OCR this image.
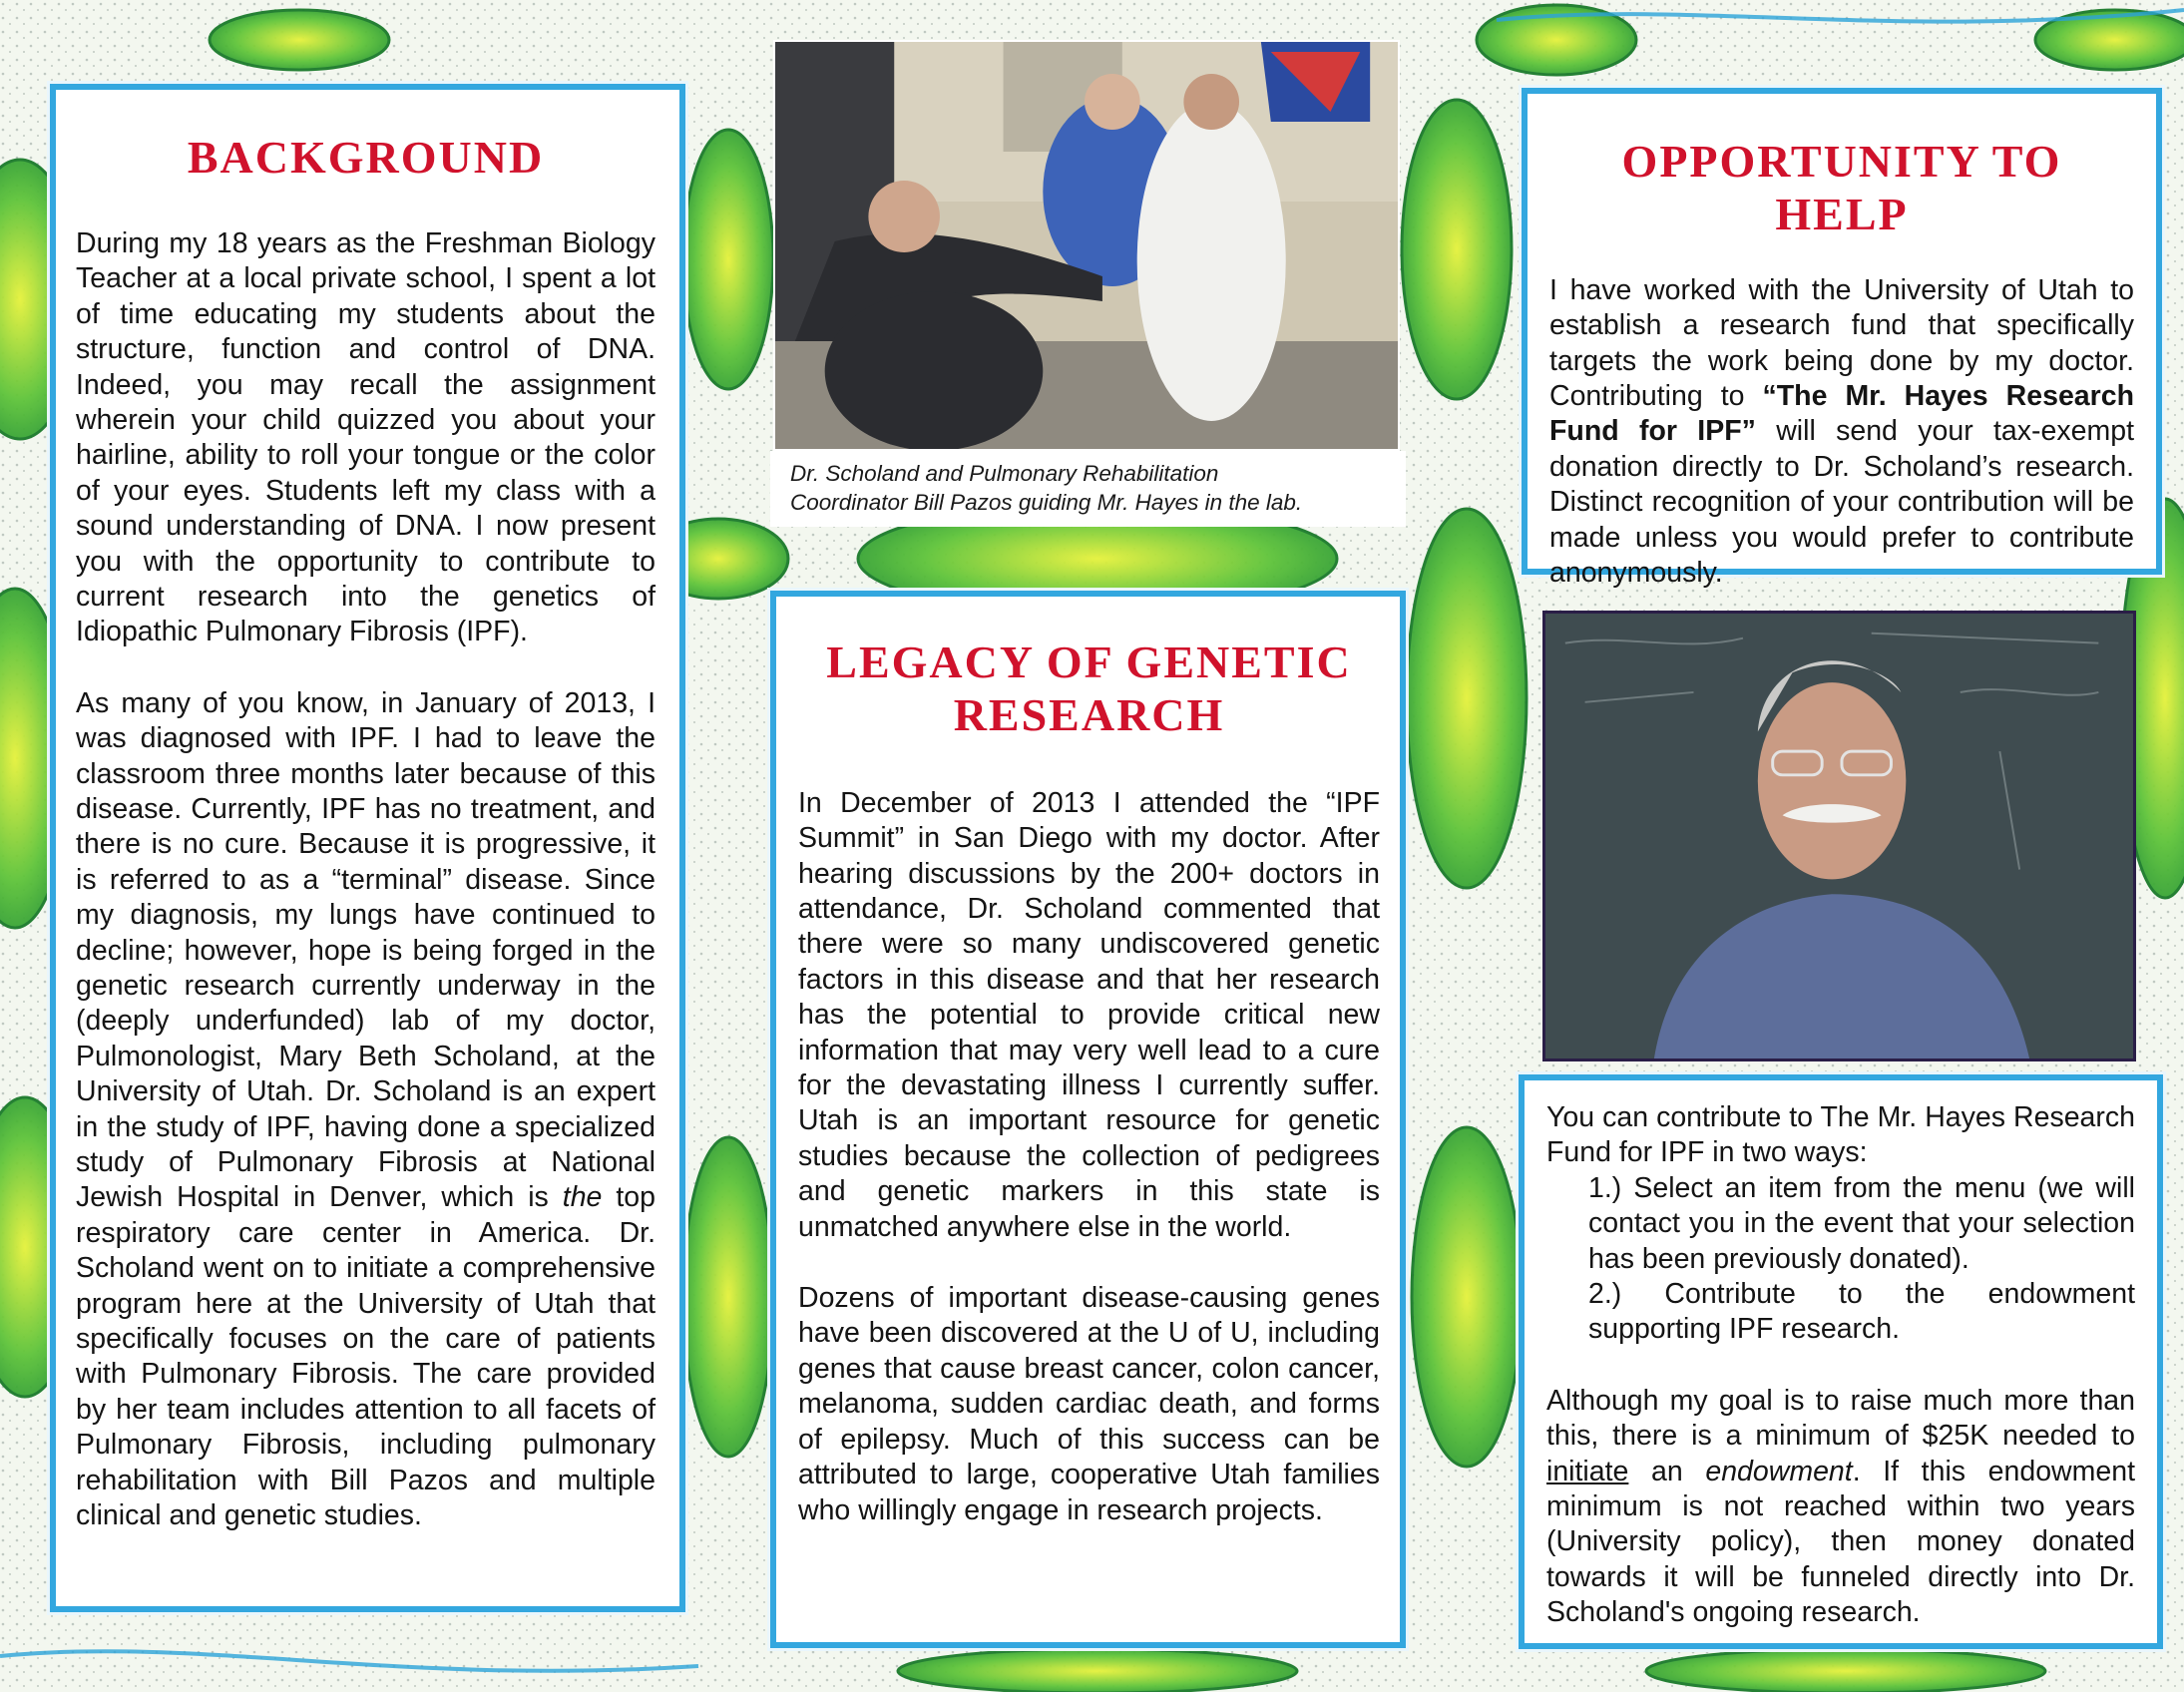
BACKGROUND

During my 18 years as the Freshman Biology Teacher at a local private school, I spent a lot of time educating my students about the structure, function and control of DNA. Indeed, you may recall the assignment wherein your child quizzed you about your hairline, ability to roll your tongue or the color of your eyes. Students left my class with a sound understanding of DNA. I now present you with the opportunity to contribute to current research into the genetics of Idiopathic Pulmonary Fibrosis (IPF).

As many of you know, in January of 2013, I was diagnosed with IPF. I had to leave the classroom three months later because of this disease. Currently, IPF has no treatment, and there is no cure. Because it is progressive, it is referred to as a “terminal” disease. Since my diagnosis, my lungs have continued to decline; however, hope is being forged in the genetic research currently underway in the (deeply underfunded) lab of my doctor, Pulmonologist, Mary Beth Scholand, at the University of Utah. Dr. Scholand is an expert in the study of IPF, having done a specialized study of Pulmonary Fibrosis at National Jewish Hospital in Denver, which is the top respiratory care center in America. Dr. Scholand went on to initiate a comprehensive program here at the University of Utah that specifically focuses on the care of patients with Pulmonary Fibrosis. The care provided by her team includes attention to all facets of Pulmonary Fibrosis, including pulmonary rehabilitation with Bill Pazos and multiple clinical and genetic studies.

Dr. Scholand and Pulmonary Rehabilitation

Coordinator Bill Pazos guiding Mr. Hayes in the lab.

LEGACY OF GENETIC
RESEARCH

In December of 2013 I attended the “IPF Summit” in San Diego with my doctor. After hearing discussions by the 200+ doctors in attendance, Dr. Scholand commented that there were so many undiscovered genetic factors in this disease and that her research has the potential to provide critical new information that may very well lead to a cure for the devastating illness I currently suffer. Utah is an important resource for genetic studies because the collection of pedigrees and genetic markers in this state is unmatched anywhere else in the world.

Dozens of important disease-causing genes have been discovered at the U of U, including genes that cause breast cancer, colon cancer, melanoma, sudden cardiac death, and forms of epilepsy. Much of this success can be attributed to large, cooperative Utah families who willingly engage in research projects.

OPPORTUNITY TO HELP

I have worked with the University of Utah to establish a research fund that specifically targets the work being done by my doctor. Contributing to “The Mr. Hayes Research Fund for IPF” will send your tax-exempt donation directly to Dr. Scholand’s research. Distinct recognition of your contribution will be made unless you would prefer to contribute anonymously.

You can contribute to The Mr. Hayes Research Fund for IPF in two ways:

1.) Select an item from the menu (we will contact you in the event that your selection has been previously donated).

2.) Contribute to the endowment supporting IPF research.

Although my goal is to raise much more than this, there is a minimum of $25K needed to initiate an endowment. If this endowment minimum is not reached within two years (University policy), then money donated towards it will be funneled directly into Dr. Scholand's ongoing research.
